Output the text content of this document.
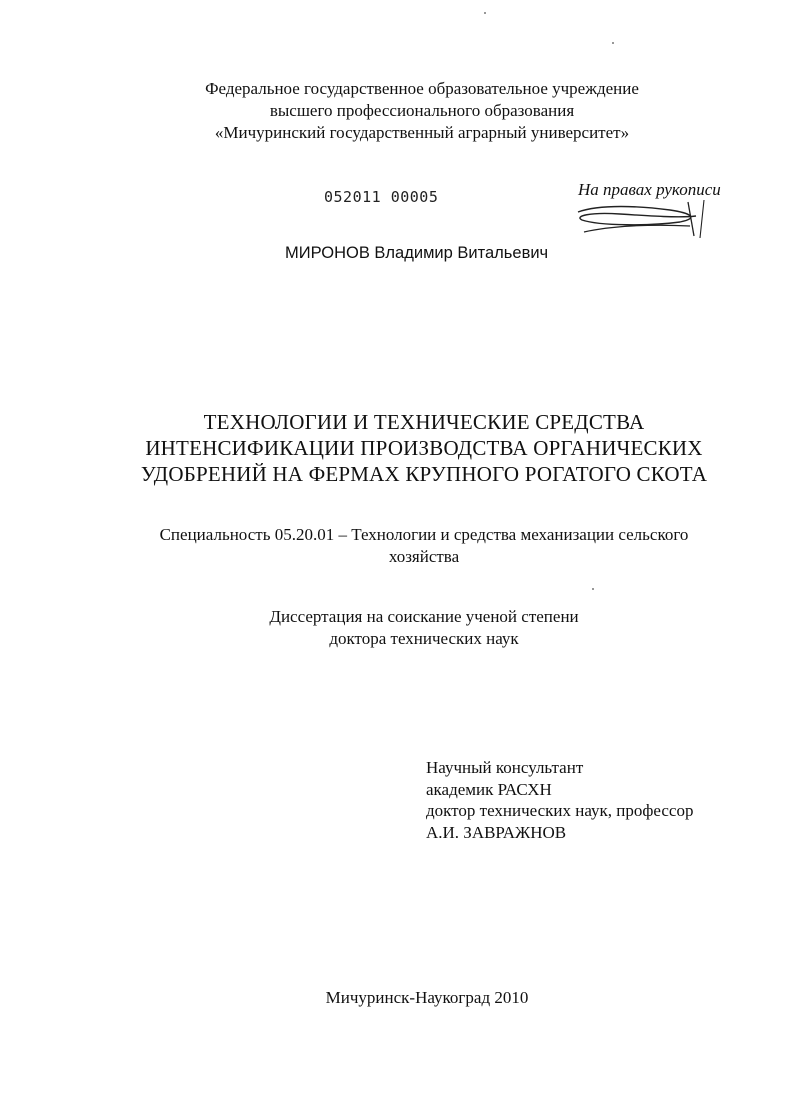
Федеральное государственное образовательное учреждение
высшего профессионального образования
«Мичуринский государственный аграрный университет»
052011 00005	На правах рукописи
МИРОНОВ Владимир Витальевич
ТЕХНОЛОГИИ И ТЕХНИЧЕСКИЕ СРЕДСТВА
ИНТЕНСИФИКАЦИИ ПРОИЗВОДСТВА ОРГАНИЧЕСКИХ
УДОБРЕНИЙ НА ФЕРМАХ КРУПНОГО РОГАТОГО СКОТА
Специальность 05.20.01 – Технологии и средства механизации сельского
хозяйства
Диссертация на соискание ученой степени
доктора технических наук
Научный консультант
академик РАСХН
доктор технических наук, профессор
А.И. ЗАВРАЖНОВ
Мичуринск-Наукоград 2010
